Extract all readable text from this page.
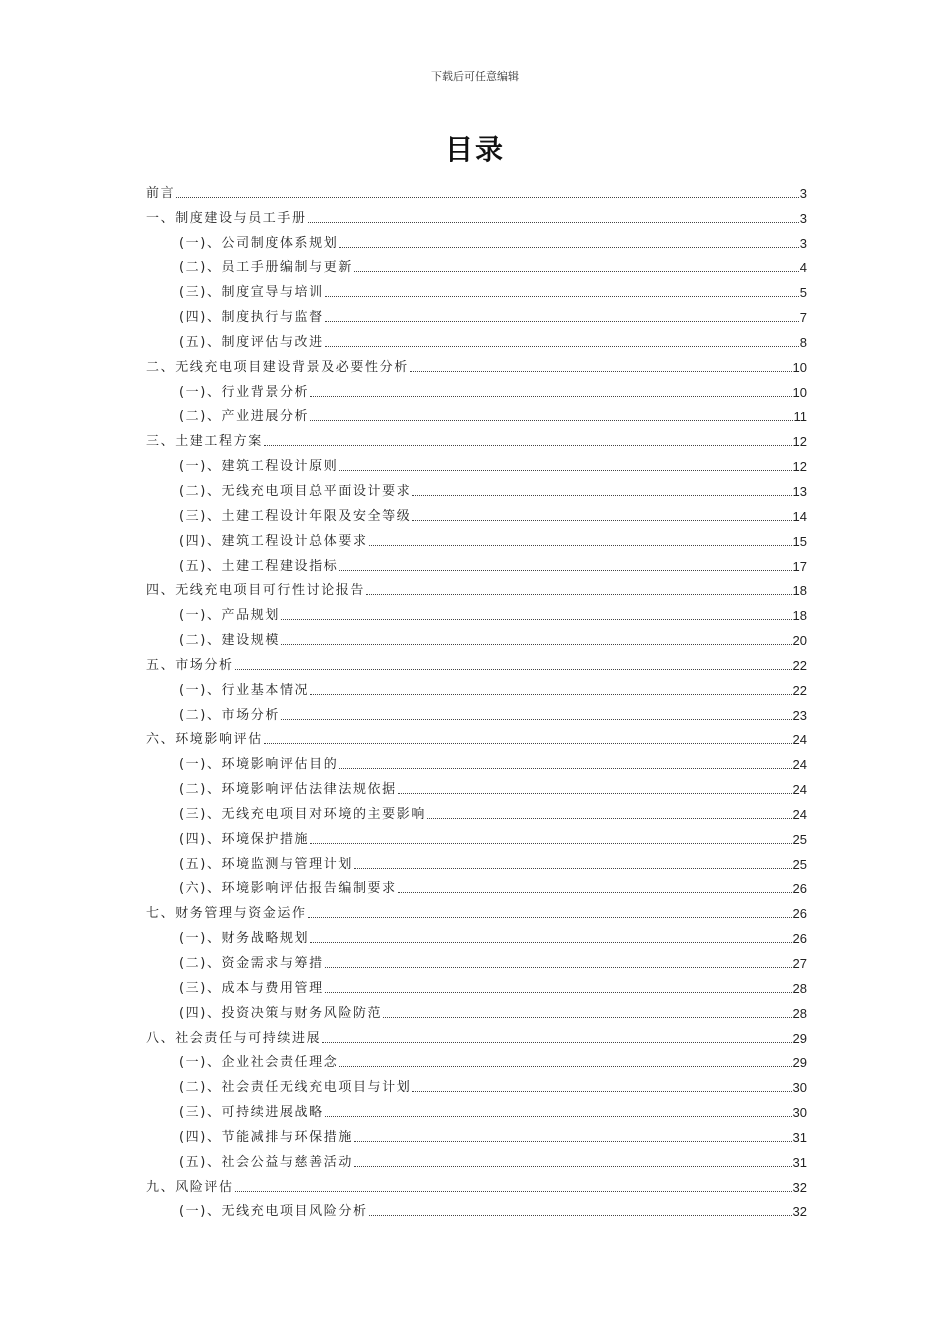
下载后可任意编辑
目录
前言	3
一、制度建设与员工手册	3
(一)、公司制度体系规划	3
(二)、员工手册编制与更新	4
(三)、制度宣导与培训	5
(四)、制度执行与监督	7
(五)、制度评估与改进	8
二、无线充电项目建设背景及必要性分析	10
(一)、行业背景分析	10
(二)、产业进展分析	11
三、土建工程方案	12
(一)、建筑工程设计原则	12
(二)、无线充电项目总平面设计要求	13
(三)、土建工程设计年限及安全等级	14
(四)、建筑工程设计总体要求	15
(五)、土建工程建设指标	17
四、无线充电项目可行性讨论报告	18
(一)、产品规划	18
(二)、建设规模	20
五、市场分析	22
(一)、行业基本情况	22
(二)、市场分析	23
六、环境影响评估	24
(一)、环境影响评估目的	24
(二)、环境影响评估法律法规依据	24
(三)、无线充电项目对环境的主要影响	24
(四)、环境保护措施	25
(五)、环境监测与管理计划	25
(六)、环境影响评估报告编制要求	26
七、财务管理与资金运作	26
(一)、财务战略规划	26
(二)、资金需求与筹措	27
(三)、成本与费用管理	28
(四)、投资决策与财务风险防范	28
八、社会责任与可持续进展	29
(一)、企业社会责任理念	29
(二)、社会责任无线充电项目与计划	30
(三)、可持续进展战略	30
(四)、节能减排与环保措施	31
(五)、社会公益与慈善活动	31
九、风险评估	32
(一)、无线充电项目风险分析	32
